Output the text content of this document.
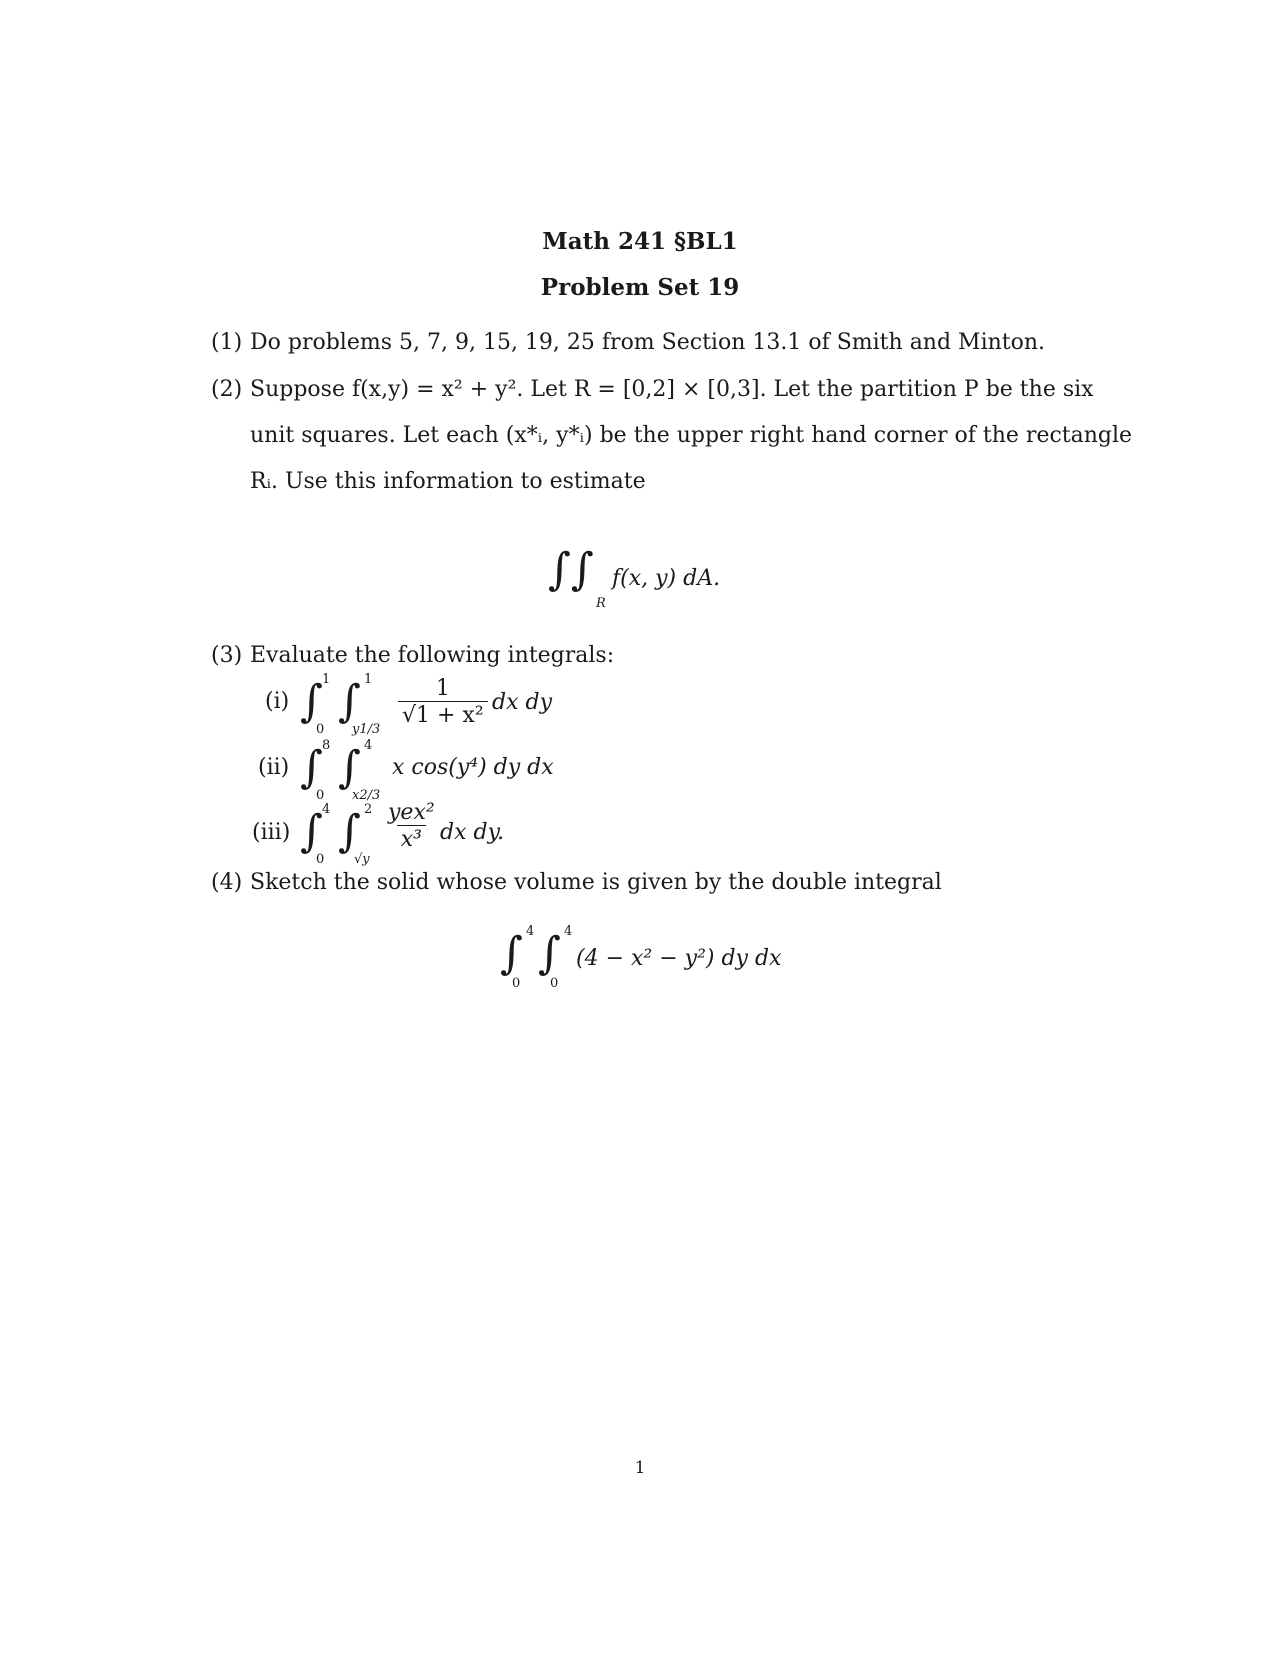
Math 241 §BL1
Problem Set 19
(1) Do problems 5, 7, 9, 15, 19, 25 from Section 13.1 of Smith and Minton.
(2) Suppose f(x,y) = x² + y². Let R = [0,2] × [0,3]. Let the partition P be the six
unit squares. Let each (x*ᵢ, y*ᵢ) be the upper right hand corner of the rectangle
Rᵢ. Use this information to estimate
∫∫
R
f(x, y) dA.
(3) Evaluate the following integrals:
(i) ∫ 1
0
∫ 1
$y1/3 \frac{1}{\text{√1 + x²}}$ dx dy
(ii) ∫ 8
0
∫ 4
x2/3
x cos(y⁴) dy dx
(iii) ∫ 4
0
∫ 2
√y
$\frac{\text{yex²}}{\text{x³}}$ dx dy.
(4) Sketch the solid whose volume is given by the double integral
∫ 4
0
∫ 4
0
(4 − x² − y²) dy dx
1
